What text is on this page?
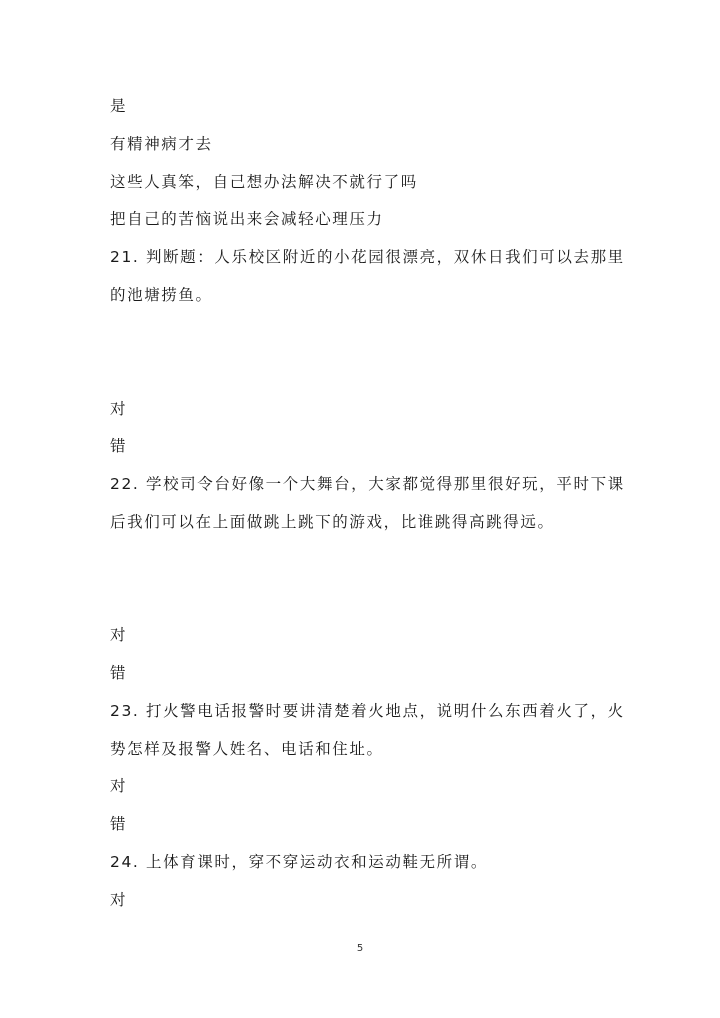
是

有精神病才去

这些人真笨，自己想办法解决不就行了吗

把自己的苦恼说出来会减轻心理压力

21. 判断题：人乐校区附近的小花园很漂亮，双休日我们可以去那里

的池塘捞鱼。

对

错

22. 学校司令台好像一个大舞台，大家都觉得那里很好玩，平时下课

后我们可以在上面做跳上跳下的游戏，比谁跳得高跳得远。

对

错

23. 打火警电话报警时要讲清楚着火地点，说明什么东西着火了，火

势怎样及报警人姓名、电话和住址。

对

错

24. 上体育课时，穿不穿运动衣和运动鞋无所谓。

对

5
